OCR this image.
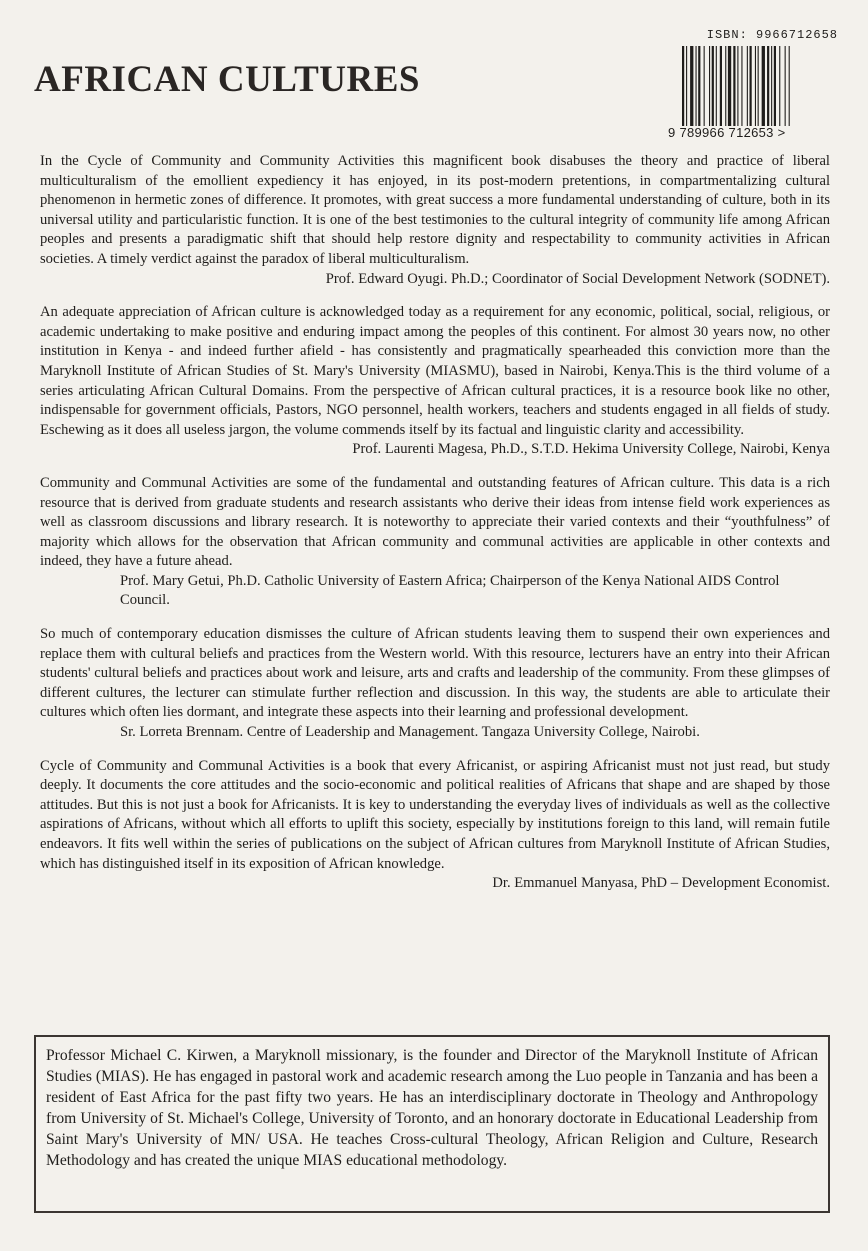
AFRICAN CULTURES
ISBN: 9966712658
9 789966 712653 >

In the Cycle of Community and Community Activities this magnificent book disabuses the theory and practice of liberal multiculturalism of the emollient expediency it has enjoyed, in its post-modern pretentions, in compartmentalizing cultural phenomenon in hermetic zones of difference. It promotes, with great success a more fundamental understanding of culture, both in its universal utility and particularistic function. It is one of the best testimonies to the cultural integrity of community life among African peoples and presents a paradigmatic shift that should help restore dignity and respectability to community activities in African societies. A timely verdict against the paradox of liberal multiculturalism.

Prof. Edward Oyugi. Ph.D.; Coordinator of Social Development Network (SODNET).

An adequate appreciation of African culture is acknowledged today as a requirement for any economic, political, social, religious, or academic undertaking to make positive and enduring impact among the peoples of this continent. For almost 30 years now, no other institution in Kenya - and indeed further afield - has consistently and pragmatically spearheaded this conviction more than the Maryknoll Institute of African Studies of St. Mary's University (MIASMU), based in Nairobi, Kenya.This is the third volume of a series articulating African Cultural Domains. From the perspective of African cultural practices, it is a resource book like no other, indispensable for government officials, Pastors, NGO personnel, health workers, teachers and students engaged in all fields of study. Eschewing as it does all useless jargon, the volume commends itself by its factual and linguistic clarity and accessibility.

Prof. Laurenti Magesa, Ph.D., S.T.D. Hekima University College, Nairobi, Kenya

Community and Communal Activities are some of the fundamental and outstanding features of African culture. This data is a rich resource that is derived from graduate students and research assistants who derive their ideas from intense field work experiences as well as classroom discussions and library research. It is noteworthy to appreciate their varied contexts and their “youthfulness” of majority which allows for the observation that African community and communal activities are applicable in other contexts and indeed, they have a future ahead.

Prof. Mary Getui, Ph.D. Catholic University of Eastern Africa; Chairperson of the Kenya National AIDS Control Council.

So much of contemporary education dismisses the culture of African students leaving them to suspend their own experiences and replace them with cultural beliefs and practices from the Western world. With this resource, lecturers have an entry into their African students' cultural beliefs and practices about work and leisure, arts and crafts and leadership of the community. From these glimpses of different cultures, the lecturer can stimulate further reflection and discussion. In this way, the students are able to articulate their cultures which often lies dormant, and integrate these aspects into their learning and professional development.

Sr. Lorreta Brennam. Centre of Leadership and Management. Tangaza University College, Nairobi.

Cycle of Community and Communal Activities is a book that every Africanist, or aspiring Africanist must not just read, but study deeply. It documents the core attitudes and the socio-economic and political realities of Africans that shape and are shaped by those attitudes. But this is not just a book for Africanists. It is key to understanding the everyday lives of individuals as well as the collective aspirations of Africans, without which all efforts to uplift this society, especially by institutions foreign to this land, will remain futile endeavors. It fits well within the series of publications on the subject of African cultures from Maryknoll Institute of African Studies, which has distinguished itself in its exposition of African knowledge.

Dr. Emmanuel Manyasa, PhD – Development Economist.

Professor Michael C. Kirwen, a Maryknoll missionary, is the founder and Director of the Maryknoll Institute of African Studies (MIAS). He has engaged in pastoral work and academic research among the Luo people in Tanzania and has been a resident of East Africa for the past fifty two years. He has an interdisciplinary doctorate in Theology and Anthropology from University of St. Michael's College, University of Toronto, and an honorary doctorate in Educational Leadership from Saint Mary's University of MN/ USA. He teaches Cross-cultural Theology, African Religion and Culture, Research Methodology and has created the unique MIAS educational methodology.
